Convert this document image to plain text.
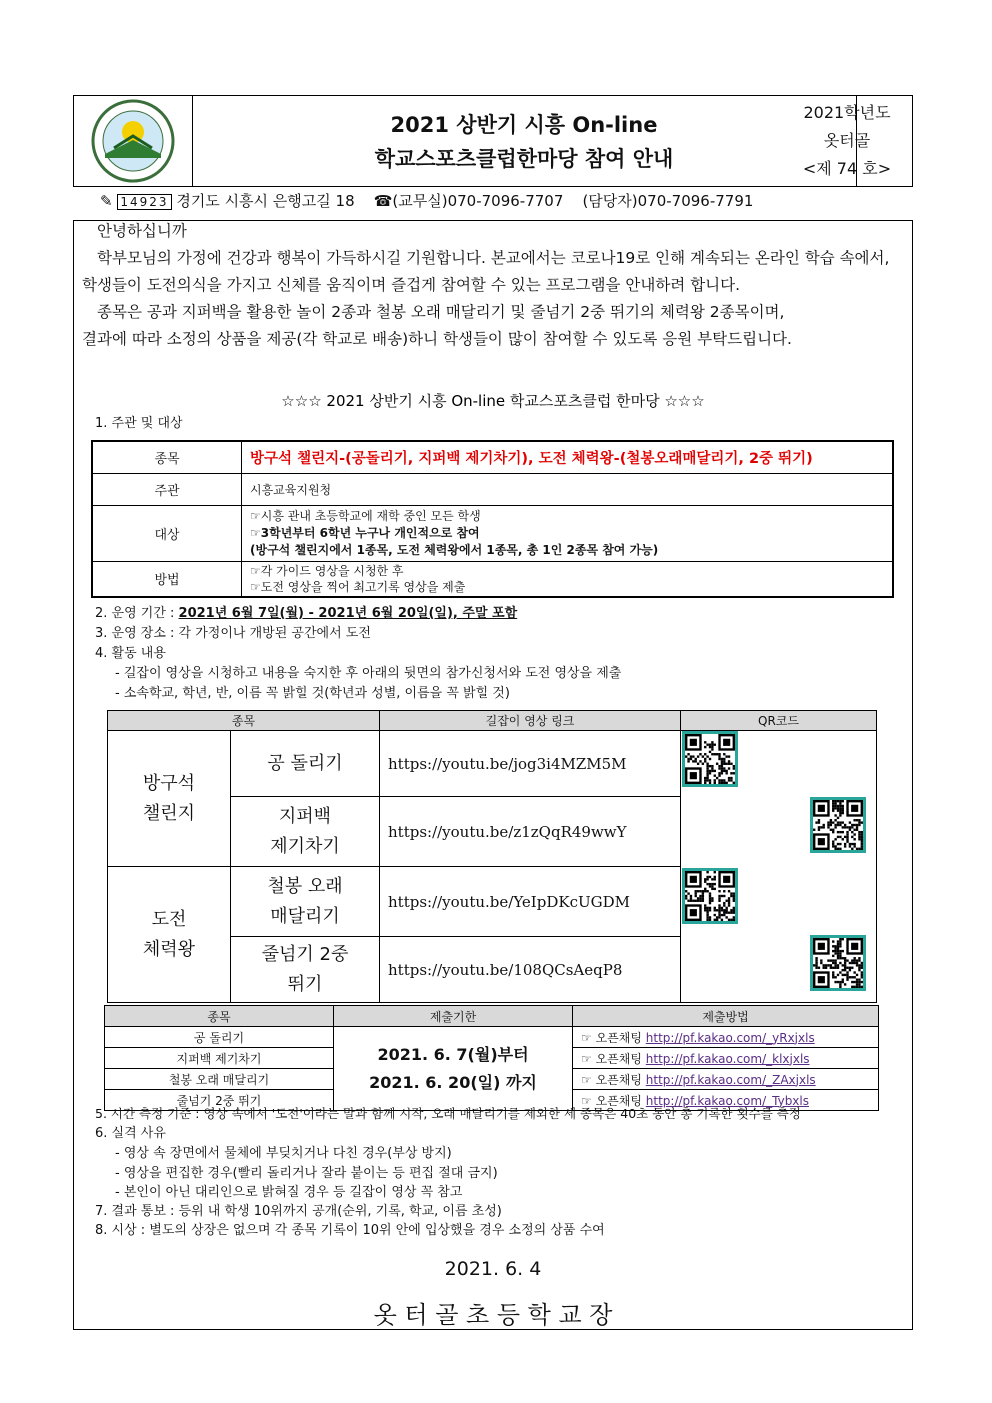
2021 상반기 시흥 On-line
학교스포츠클럽한마당 참여 안내
2021학년도
옷터골
<제 74 호>
✎ 14923 경기도 시흥시 은행고길 18 ☎(교무실)070-7096-7707 (담당자)070-7096-7791
안녕하십니까
학부모님의 가정에 건강과 행복이 가득하시길 기원합니다. 본교에서는 코로나19로 인해 계속되는 온라인 학습 속에서,
학생들이 도전의식을 가지고 신체를 움직이며 즐겁게 참여할 수 있는 프로그램을 안내하려 합니다.
종목은 공과 지퍼백을 활용한 놀이 2종과 철봉 오래 매달리기 및 줄넘기 2중 뛰기의 체력왕 2종목이며,
결과에 따라 소정의 상품을 제공(각 학교로 배송)하니 학생들이 많이 참여할 수 있도록 응원 부탁드립니다.
☆☆☆ 2021 상반기 시흥 On-line 학교스포츠클럽 한마당 ☆☆☆
1. 주관 및 대상
종목	방구석 챌린지-(공돌리기, 지퍼백 제기차기), 도전 체력왕-(철봉오래매달리기, 2중 뛰기)
주관	시흥교육지원청
대상	☞시흥 관내 초등학교에 재학 중인 모든 학생
☞3학년부터 6학년 누구나 개인적으로 참여
(방구석 챌린지에서 1종목, 도전 체력왕에서 1종목, 총 1인 2종목 참여 가능)

방법	☞각 가이드 영상을 시청한 후
☞도전 영상을 찍어 최고기록 영상을 제출
2. 운영 기간 : 2021년 6월 7일(월) - 2021년 6월 20일(일), 주말 포함
3. 운영 장소 : 각 가정이나 개방된 공간에서 도전
4. 활동 내용
- 길잡이 영상을 시청하고 내용을 숙지한 후 아래의 뒷면의 참가신청서와 도전 영상을 제출
- 소속학교, 학년, 반, 이름 꼭 밝힐 것(학년과 성별, 이름을 꼭 밝힐 것)
종목		길잡이 영상 링크	QR코드
방구석
챌린지	공 돌리기	https://youtu.be/jog3i4MZM5M	
	지퍼백
제기차기	https://youtu.be/z1zQqR49wwY	
도전
체력왕	철봉 오래
매달리기	https://youtu.be/YeIpDKcUGDM	
	줄넘기 2중
뛰기	https://youtu.be/108QCsAeqP8	
종목	제출기한	제출방법
공 돌리기	2021. 6. 7(월)부터
2021. 6. 20(일) 까지	☞ 오픈채팅 http://pf.kakao.com/_yRxjxls
지퍼백 제기차기		☞ 오픈채팅 http://pf.kakao.com/_klxjxls
철봉 오래 매달리기		☞ 오픈채팅 http://pf.kakao.com/_ZAxjxls
줄넘기 2중 뛰기		☞ 오픈채팅 http://pf.kakao.com/_Tybxls
5. 시간 측정 기준 : 영상 속에서 '도전'이라는 말과 함께 시작, 오래 매달리기를 제외한 세 종목은 40초 동안 총 기록한 횟수를 측정
6. 실격 사유
- 영상 속 장면에서 물체에 부딪치거나 다친 경우(부상 방지)
- 영상을 편집한 경우(빨리 돌리거나 잘라 붙이는 등 편집 절대 금지)
- 본인이 아닌 대리인으로 밝혀질 경우 등 길잡이 영상 꼭 참고
7. 결과 통보 : 등위 내 학생 10위까지 공개(순위, 기록, 학교, 이름 초성)
8. 시상 : 별도의 상장은 없으며 각 종목 기록이 10위 안에 입상했을 경우 소정의 상품 수여
2021. 6. 4
옷 터 골 초 등 학 교 장
